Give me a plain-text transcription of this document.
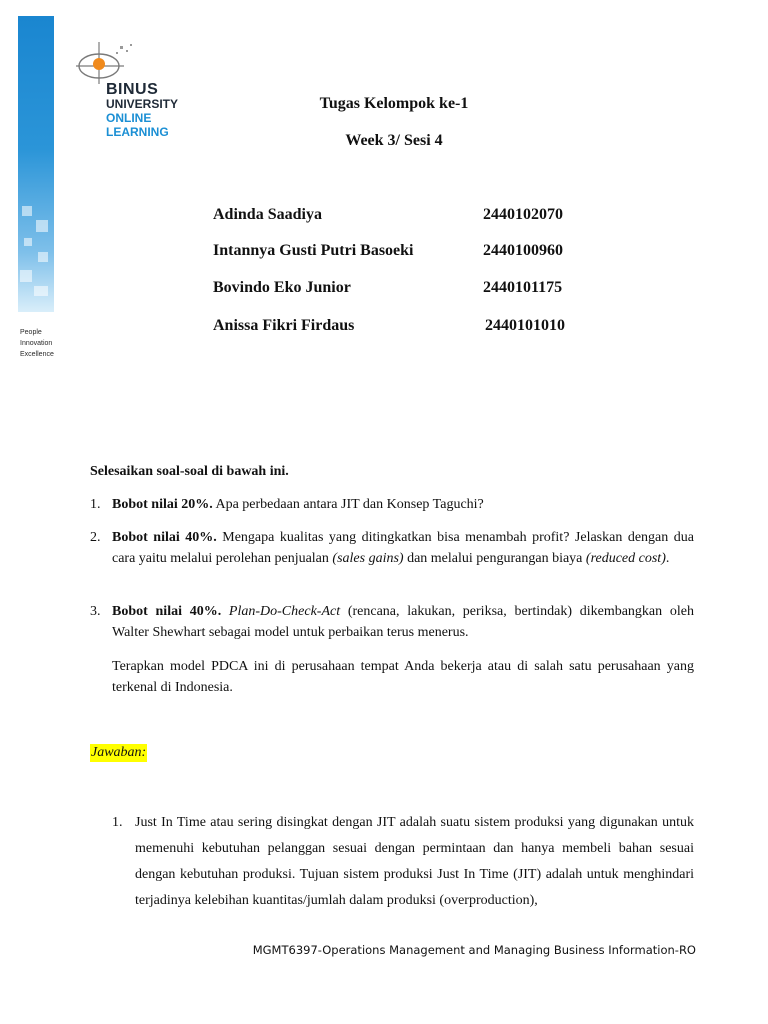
BINUS
UNIVERSITY
ONLINE
LEARNING
People
Innovation
Excellence
Tugas Kelompok ke-1
Week 3/ Sesi 4
Adinda Saadiya	2440102070
Intannya Gusti Putri Basoeki	2440100960
Bovindo Eko Junior	2440101175
Anissa Fikri Firdaus	2440101010
Selesaikan soal-soal di bawah ini.
1. Bobot nilai 20%. Apa perbedaan antara JIT dan Konsep Taguchi?
2. Bobot nilai 40%. Mengapa kualitas yang ditingkatkan bisa menambah profit? Jelaskan dengan dua cara yaitu melalui perolehan penjualan (sales gains) dan melalui pengurangan biaya (reduced cost).
3. Bobot nilai 40%. Plan-Do-Check-Act (rencana, lakukan, periksa, bertindak) dikembangkan oleh Walter Shewhart sebagai model untuk perbaikan terus menerus.
Terapkan model PDCA ini di perusahaan tempat Anda bekerja atau di salah satu perusahaan yang terkenal di Indonesia.
Jawaban:
1. Just In Time atau sering disingkat dengan JIT adalah suatu sistem produksi yang digunakan untuk memenuhi kebutuhan pelanggan sesuai dengan permintaan dan hanya membeli bahan sesuai dengan kebutuhan produksi. Tujuan sistem produksi Just In Time (JIT) adalah untuk menghindari terjadinya kelebihan kuantitas/jumlah dalam produksi (overproduction),
MGMT6397-Operations Management and Managing Business Information-RO
